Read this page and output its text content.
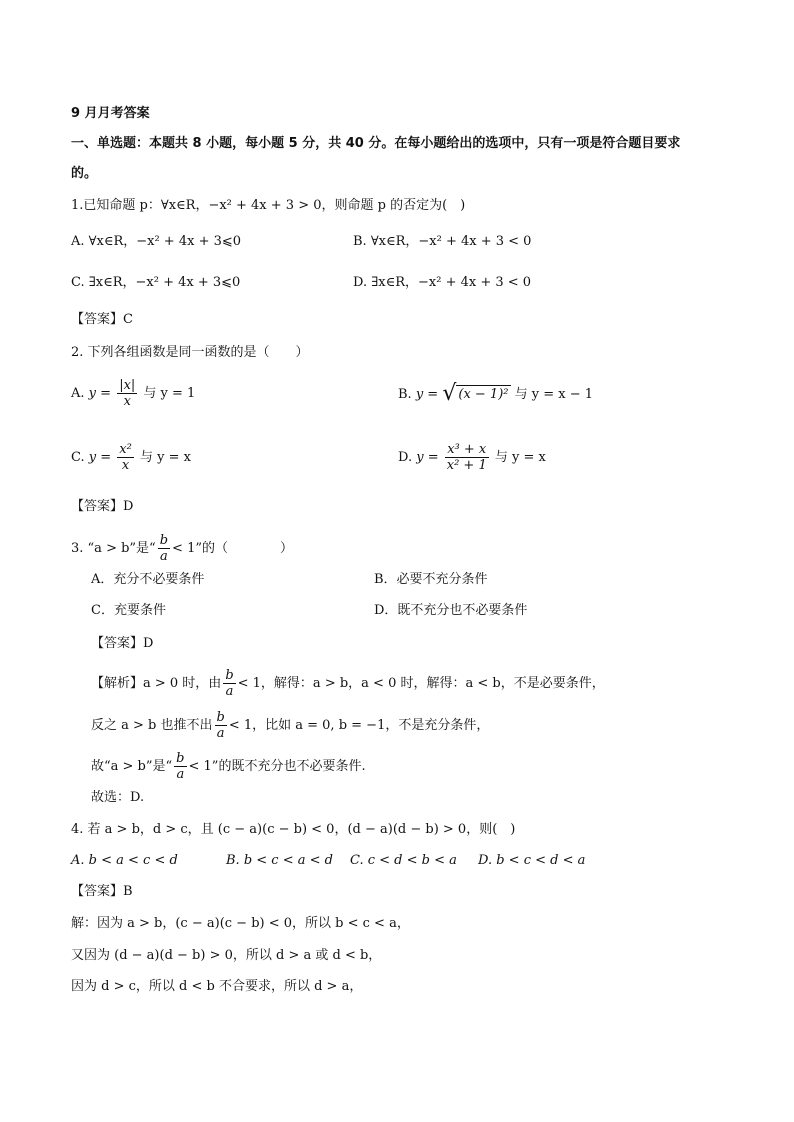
9 月月考答案
一、单选题：本题共 8 小题，每小题 5 分，共 40 分。在每小题给出的选项中，只有一项是符合题目要求
的。
1.已知命题 p：∀x∈R，−x² + 4x + 3 > 0，则命题 p 的否定为(　)
A. ∀x∈R，−x² + 4x + 3⩽0	B. ∀x∈R，−x² + 4x + 3 < 0
C. ∃x∈R，−x² + 4x + 3⩽0	D. ∃x∈R，−x² + 4x + 3 < 0
【答案】C
2. 下列各组函数是同一函数的是（　　）
A. $y = \frac{|x|}{x}$ 与 y = 1	B. y = √ (x − 1)² 与 y = x − 1
C. $y = \frac{\text{x²}}{x}$ 与 y = x	D. $y = \frac{\text{x³ + x}}{\text{x² + 1}}$ 与 y = x
【答案】D
3. “a > b”是“ $\frac{b}{a} < 1$”的（　　　　）
A．充分不必要条件	B．必要不充分条件
C．充要条件	D．既不充分也不必要条件
【答案】D
【解析】a > 0 时，由 $\frac{b}{a} < 1$，解得：a > b，a < 0 时，解得：a < b，不是必要条件，
反之 a > b 也推不出 $\frac{b}{a} < 1$，比如 a = 0, b = −1，不是充分条件，
故“a > b”是“ $\frac{b}{a} < 1$”的既不充分也不必要条件.
故选：D.
4. 若 a > b，d > c，且 (c − a)(c − b) < 0，(d − a)(d − b) > 0，则(　)
A. b < a < c < d	B. b < c < a < d C. c < d < b < a D. b < c < d < a
【答案】B
解：因为 a > b，(c − a)(c − b) < 0，所以 b < c < a，
又因为 (d − a)(d − b) > 0，所以 d > a 或 d < b，
因为 d > c，所以 d < b 不合要求，所以 d > a，
